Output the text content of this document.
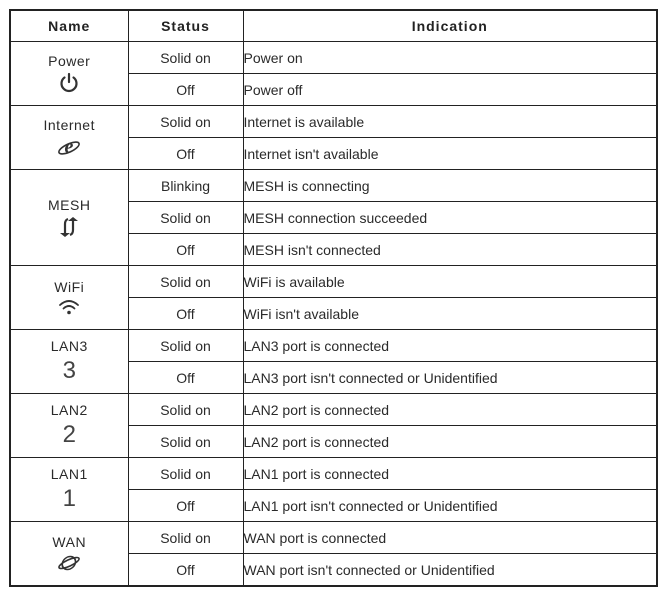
Name	Status	Indication

Power	Solid on	Power on
	Off	Power off

Internet
e	Solid on	Internet is available
	Off	Internet isn't available

MESH	Blinking	MESH is connecting
	Solid on	MESH connection succeeded
	Off	MESH isn't connected

WiFi	Solid on	WiFi is available
	Off	WiFi isn't available

LAN3
3	Solid on	LAN3 port is connected
	Off	LAN3 port isn't connected or Unidentified

LAN2
2	Solid on	LAN2 port is connected
	Solid on	LAN2 port is connected

LAN1
1	Solid on	LAN1 port is connected
	Off	LAN1 port isn't connected or Unidentified

WAN	Solid on	WAN port is connected
	Off	WAN port isn't connected or Unidentified
